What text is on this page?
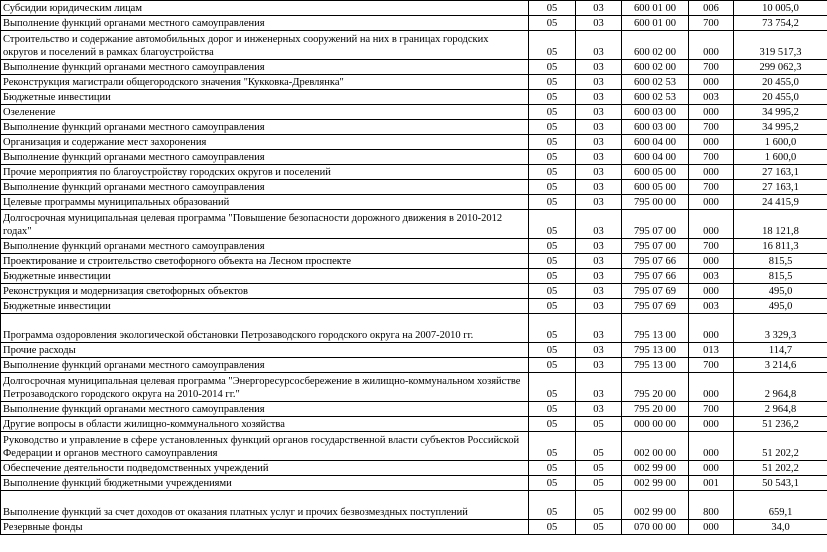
Субсидии юридическим лицам	05	03	600 01 00	006	10 005,0
Выполнение функций органами местного самоуправления	05	03	600 01 00	700	73 754,2
Строительство и содержание автомобильных дорог и инженерных сооружений на них в границах городских округов и поселений в рамках благоустройства	05	03	600 02 00	000	319 517,3
Выполнение функций органами местного самоуправления	05	03	600 02 00	700	299 062,3
Реконструкция магистрали общегородского значения "Кукковка-Древлянка"	05	03	600 02 53	000	20 455,0
Бюджетные инвестиции	05	03	600 02 53	003	20 455,0
Озеленение	05	03	600 03 00	000	34 995,2
Выполнение функций органами местного самоуправления	05	03	600 03 00	700	34 995,2
Организация и содержание мест захоронения	05	03	600 04 00	000	1 600,0
Выполнение функций органами местного самоуправления	05	03	600 04 00	700	1 600,0
Прочие мероприятия по благоустройству городских округов и поселений	05	03	600 05 00	000	27 163,1
Выполнение функций органами местного самоуправления	05	03	600 05 00	700	27 163,1
Целевые программы муниципальных образований	05	03	795 00 00	000	24 415,9
Долгосрочная муниципальная целевая программа "Повышение безопасности дорожного движения в 2010-2012 годах"	05	03	795 07 00	000	18 121,8
Выполнение функций органами местного самоуправления	05	03	795 07 00	700	16 811,3
Проектирование и строительство светофорного объекта на Лесном проспекте	05	03	795 07 66	000	815,5
Бюджетные инвестиции	05	03	795 07 66	003	815,5
Реконструкция и модернизация светофорных объектов	05	03	795 07 69	000	495,0
Бюджетные инвестиции	05	03	795 07 69	003	495,0
Программа оздоровления экологической обстановки Петрозаводского городского округа на 2007-2010 гг.	05	03	795 13 00	000	3 329,3
Прочие расходы	05	03	795 13 00	013	114,7
Выполнение функций органами местного самоуправления	05	03	795 13 00	700	3 214,6
Долгосрочная муниципальная целевая программа "Энергоресурсосбережение в жилищно-коммунальном хозяйстве Петрозаводского городского округа на 2010-2014 гг."	05	03	795 20 00	000	2 964,8
Выполнение функций органами местного самоуправления	05	03	795 20 00	700	2 964,8
Другие вопросы в области жилищно-коммунального хозяйства	05	05	000 00 00	000	51 236,2
Руководство и управление в сфере установленных функций органов государственной власти субъектов Российской Федерации и органов местного самоуправления	05	05	002 00 00	000	51 202,2
Обеспечение деятельности подведомственных учреждений	05	05	002 99 00	000	51 202,2
Выполнение функций бюджетными учреждениями	05	05	002 99 00	001	50 543,1
Выполнение функций за счет доходов от оказания платных услуг и прочих безвозмездных поступлений	05	05	002 99 00	800	659,1
Резервные фонды	05	05	070 00 00	000	34,0
